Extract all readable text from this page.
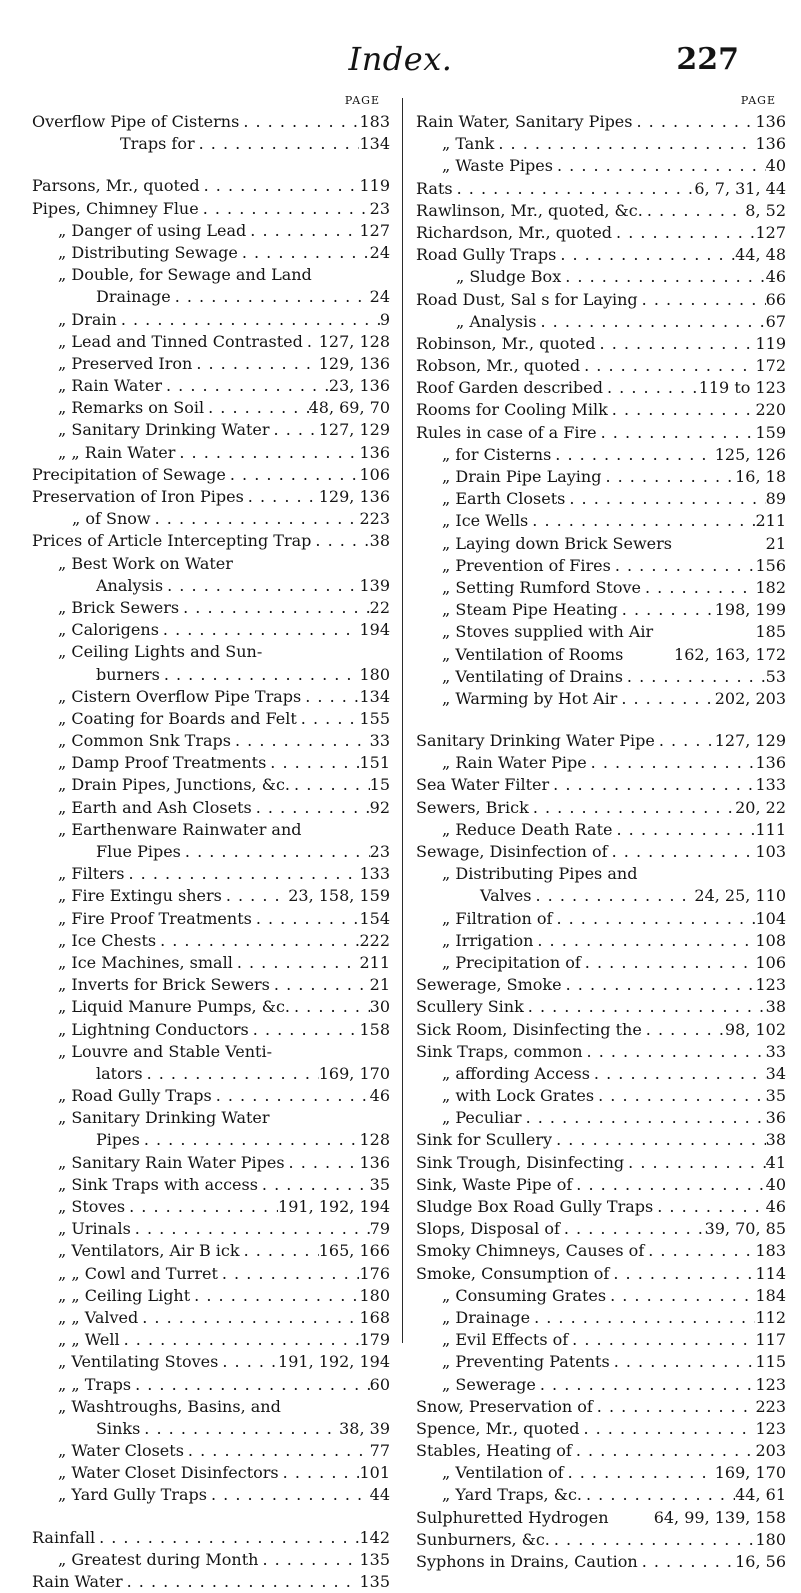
Index.	227
PAGE
Overflow Pipe of Cisterns . . .	183
Traps for . . .	134
Parsons, Mr., quoted . . .	119
Pipes, Chimney Flue . . .	23
„ Danger of using Lead . . .	127
„ Distributing Sewage . . .	24
„ Double, for Sewage and Land
Drainage . . .	24
„ Drain . . .	9
„ Lead and Tinned Contrasted . . . 127, 128
„ Preserved Iron . . .	129, 136
„ Rain Water . . .	23, 136
„ Remarks on Soil . . .	48, 69, 70
„ Sanitary Drinking Water . . .	127, 129
„ „ Rain Water . . .	136
Precipitation of Sewage . . .	106
Preservation of Iron Pipes . . .	129, 136
„ of Snow . . .	223
Prices of Article Intercepting Trap . . .	38
„ Best Work on Water
Analysis . . .	139
„ Brick Sewers . . .	22
„ Calorigens . . .	194
„ Ceiling Lights and Sun-
burners . . .	180
„ Cistern Overflow Pipe Traps . . .	134
„ Coating for Boards and Felt . . .	155
„ Common Snk Traps . . .	33
„ Damp Proof Treatments . . .	151
„ Drain Pipes, Junctions, &c. . . .	15
„ Earth and Ash Closets . . .	92
„ Earthenware Rainwater and
Flue Pipes . . .	23
„ Filters . . .	133
„ Fire Extingu shers . . .	23, 158, 159
„ Fire Proof Treatments . . .	154
„ Ice Chests . . .	222
„ Ice Machines, small . . .	211
„ Inverts for Brick Sewers . . .	21
„ Liquid Manure Pumps, &c. . . .	30
„ Lightning Conductors . . .	158
„ Louvre and Stable Venti-
lators . . .	169, 170
„ Road Gully Traps . . .	46
„ Sanitary Drinking Water
Pipes . . .	128
„ Sanitary Rain Water Pipes . . .	136
„ Sink Traps with access . . .	35
„ Stoves . . .	191, 192, 194
„ Urinals . . .	79
„ Ventilators, Air B ick . . .	165, 166
„ „ Cowl and Turret . . .	176
„ „ Ceiling Light . . .	180
„ „ Valved . . .	168
„ „ Well . . .	179
„ Ventilating Stoves . . .	191, 192, 194
„ „ Traps . . .	60
„ Washtroughs, Basins, and
Sinks . . .	38, 39
„ Water Closets . . .	77
„ Water Closet Disinfectors . . .	101
„ Yard Gully Traps . . .	44
Rainfall . . .	142
„ Greatest during Month . . .	135
Rain Water . . .	135
PAGE
Rain Water, Sanitary Pipes . . .	136
„ Tank . . .	136
„ Waste Pipes . . .	40
Rats . . .	6, 7, 31, 44
Rawlinson, Mr., quoted, &c. . . .	8, 52
Richardson, Mr., quoted . . .	127
Road Gully Traps . . .	44, 48
„ Sludge Box . . .	46
Road Dust, Sal s for Laying . . .	66
„ Analysis . . .	67
Robinson, Mr., quoted . . .	119
Robson, Mr., quoted . . .	172
Roof Garden described . . .	119 to 123
Rooms for Cooling Milk . . .	220
Rules in case of a Fire . . .	159
„ for Cisterns . . .	125, 126
„ Drain Pipe Laying . . .	16, 18
„ Earth Closets . . .	89
„ Ice Wells . . .	211
„ Laying down Brick Sewers	21
„ Prevention of Fires . . .	156
„ Setting Rumford Stove . . .	182
„ Steam Pipe Heating . . .	198, 199
„ Stoves supplied with Air	185
„ Ventilation of Rooms	162, 163, 172
„ Ventilating of Drains . . .	53
„ Warming by Hot Air . . .	202, 203
Sanitary Drinking Water Pipe . . .	127, 129
„ Rain Water Pipe . . .	136
Sea Water Filter . . .	133
Sewers, Brick . . .	20, 22
„ Reduce Death Rate . . .	111
Sewage, Disinfection of . . .	103
„ Distributing Pipes and
Valves . . .	24, 25, 110
„ Filtration of . . .	104
„ Irrigation . . .	108
„ Precipitation of . . .	106
Sewerage, Smoke . . .	123
Scullery Sink . . .	38
Sick Room, Disinfecting the . . .	98, 102
Sink Traps, common . . .	33
„ affording Access . . .	34
„ with Lock Grates . . .	35
„ Peculiar . . .	36
Sink for Scullery . . .	38
Sink Trough, Disinfecting . . .	41
Sink, Waste Pipe of . . .	40
Sludge Box Road Gully Traps . . .	46
Slops, Disposal of . . .	39, 70, 85
Smoky Chimneys, Causes of . . .	183
Smoke, Consumption of . . .	114
„ Consuming Grates . . .	184
„ Drainage . . .	112
„ Evil Effects of . . .	117
„ Preventing Patents . . .	115
„ Sewerage . . .	123
Snow, Preservation of . . .	223
Spence, Mr., quoted . . .	123
Stables, Heating of . . .	203
„ Ventilation of . . .	169, 170
„ Yard Traps, &c. . . .	44, 61
Sulphuretted Hydrogen	64, 99, 139, 158
Sunburners, &c. . . .	180
Syphons in Drains, Caution . . .	16, 56
